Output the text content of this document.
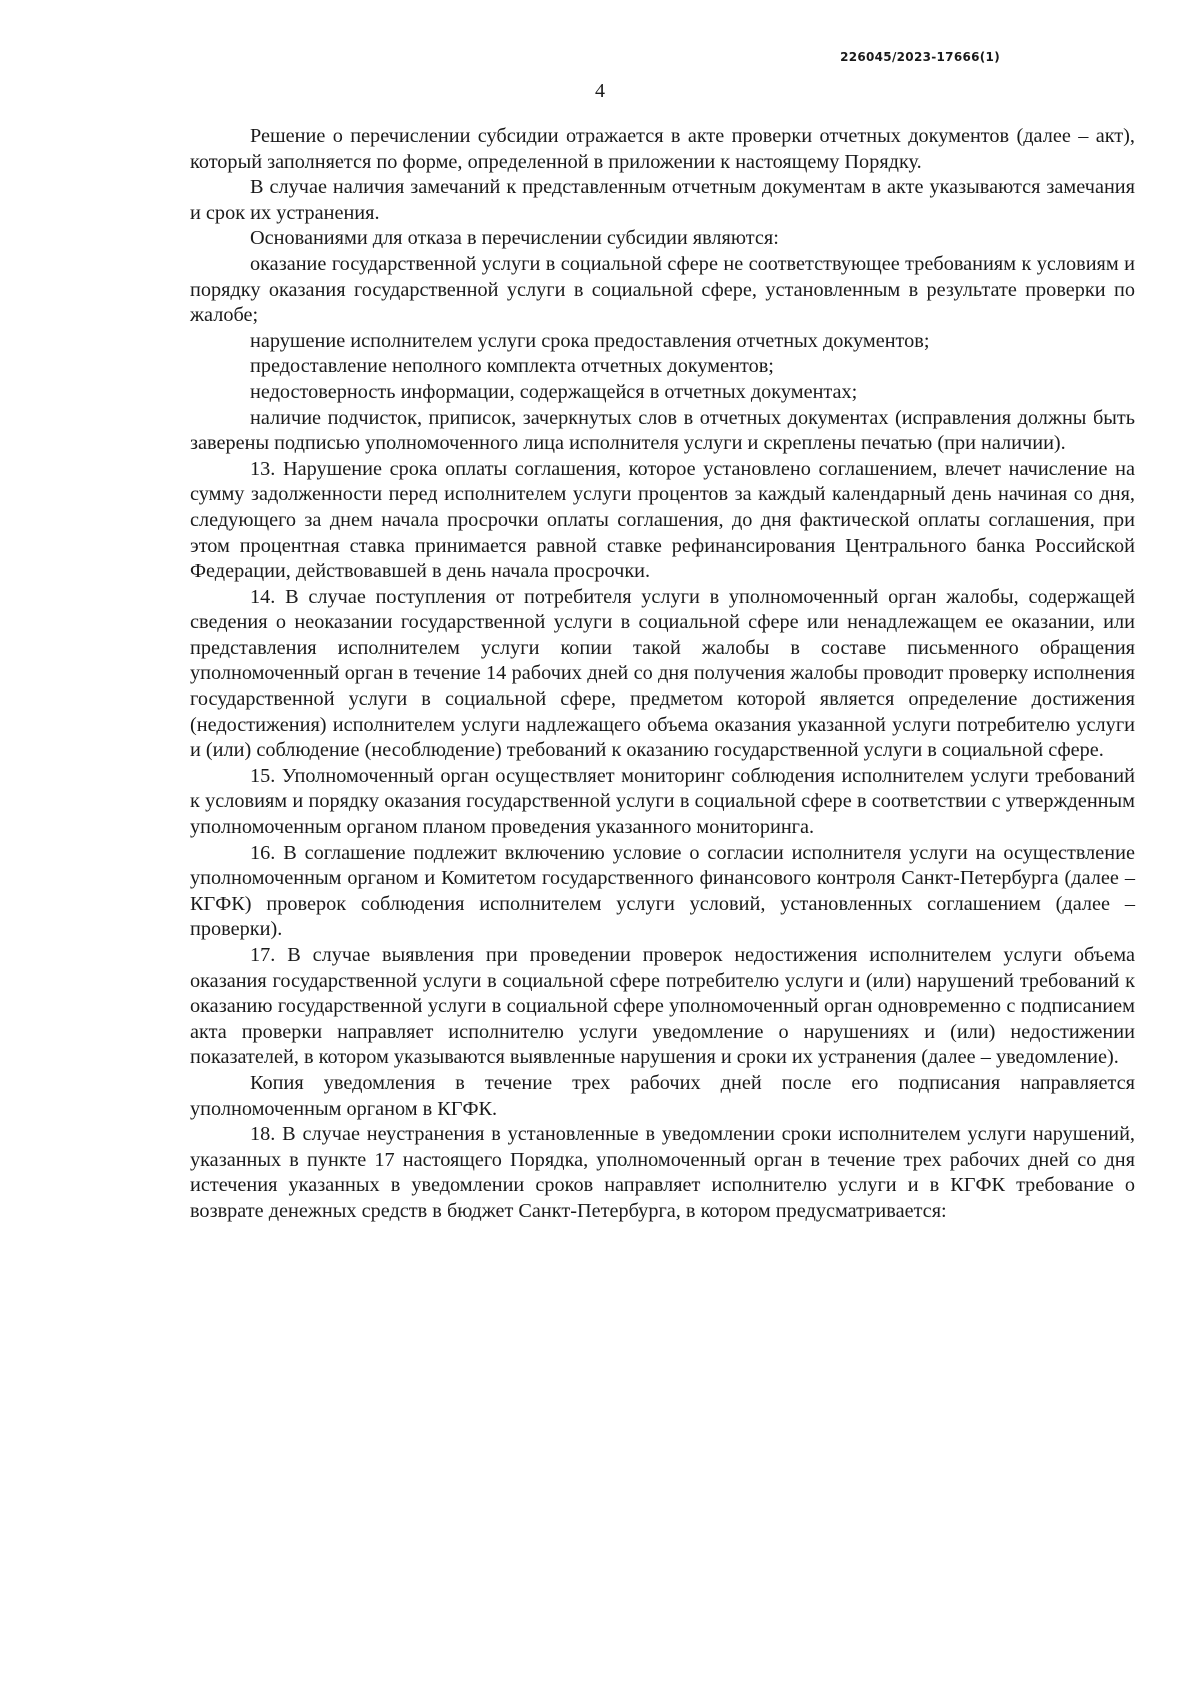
226045/2023-17666(1)
4

Решение о перечислении субсидии отражается в акте проверки отчетных документов (далее – акт), который заполняется по форме, определенной в приложении к настоящему Порядку.

В случае наличия замечаний к представленным отчетным документам в акте указываются замечания и срок их устранения.

Основаниями для отказа в перечислении субсидии являются:

оказание государственной услуги в социальной сфере не соответствующее требованиям к условиям и порядку оказания государственной услуги в социальной сфере, установленным в результате проверки по жалобе;

нарушение исполнителем услуги срока предоставления отчетных документов;

предоставление неполного комплекта отчетных документов;

недостоверность информации, содержащейся в отчетных документах;

наличие подчисток, приписок, зачеркнутых слов в отчетных документах (исправления должны быть заверены подписью уполномоченного лица исполнителя услуги и скреплены печатью (при наличии).

13. Нарушение срока оплаты соглашения, которое установлено соглашением, влечет начисление на сумму задолженности перед исполнителем услуги процентов за каждый календарный день начиная со дня, следующего за днем начала просрочки оплаты соглашения, до дня фактической оплаты соглашения, при этом процентная ставка принимается равной ставке рефинансирования Центрального банка Российской Федерации, действовавшей в день начала просрочки.

14. В случае поступления от потребителя услуги в уполномоченный орган жалобы, содержащей сведения о неоказании государственной услуги в социальной сфере или ненадлежащем ее оказании, или представления исполнителем услуги копии такой жалобы в составе письменного обращения уполномоченный орган в течение 14 рабочих дней со дня получения жалобы проводит проверку исполнения государственной услуги в социальной сфере, предметом которой является определение достижения (недостижения) исполнителем услуги надлежащего объема оказания указанной услуги потребителю услуги и (или) соблюдение (несоблюдение) требований к оказанию государственной услуги в социальной сфере.

15. Уполномоченный орган осуществляет мониторинг соблюдения исполнителем услуги требований к условиям и порядку оказания государственной услуги в социальной сфере в соответствии с утвержденным уполномоченным органом планом проведения указанного мониторинга.

16. В соглашение подлежит включению условие о согласии исполнителя услуги на осуществление уполномоченным органом и Комитетом государственного финансового контроля Санкт-Петербурга (далее – КГФК) проверок соблюдения исполнителем услуги условий, установленных соглашением (далее – проверки).

17. В случае выявления при проведении проверок недостижения исполнителем услуги объема оказания государственной услуги в социальной сфере потребителю услуги и (или) нарушений требований к оказанию государственной услуги в социальной сфере уполномоченный орган одновременно с подписанием акта проверки направляет исполнителю услуги уведомление о нарушениях и (или) недостижении показателей, в котором указываются выявленные нарушения и сроки их устранения (далее – уведомление).

Копия уведомления в течение трех рабочих дней после его подписания направляется уполномоченным органом в КГФК.

18. В случае неустранения в установленные в уведомлении сроки исполнителем услуги нарушений, указанных в пункте 17 настоящего Порядка, уполномоченный орган в течение трех рабочих дней со дня истечения указанных в уведомлении сроков направляет исполнителю услуги и в КГФК требование о возврате денежных средств в бюджет Санкт-Петербурга, в котором предусматривается:
